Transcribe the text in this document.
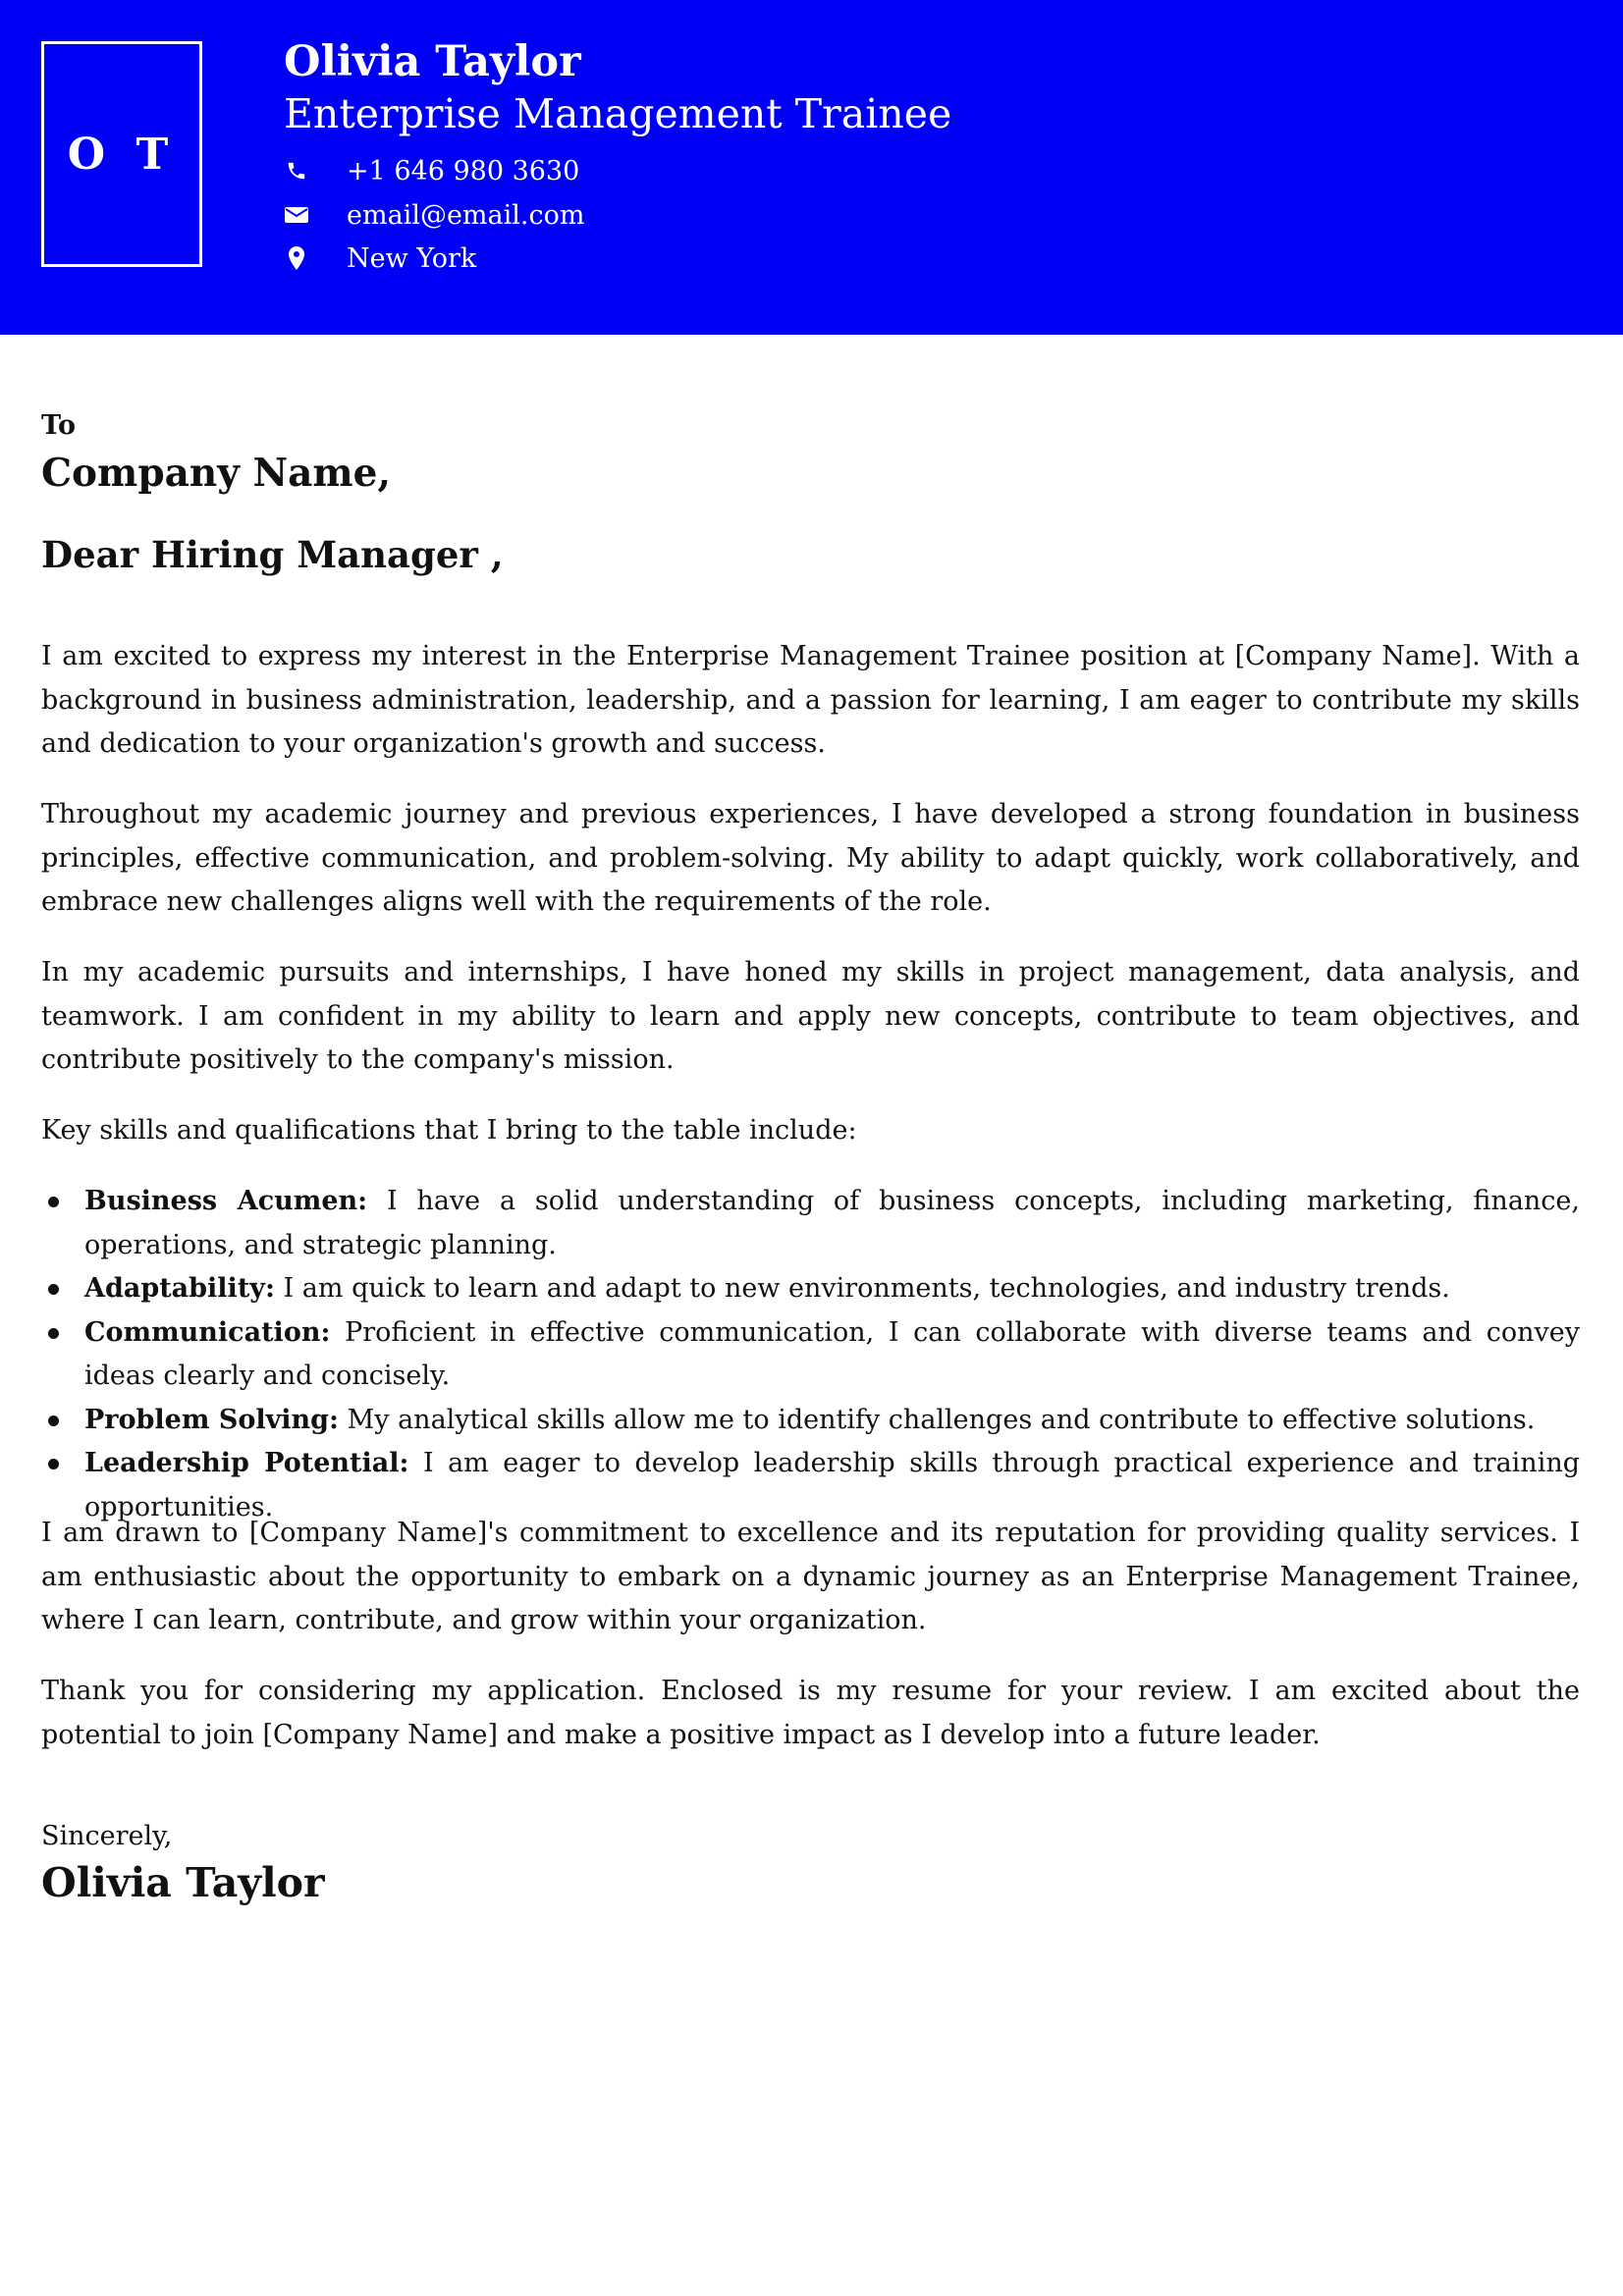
O T
Olivia Taylor
Enterprise Management Trainee
+1 646 980 3630
email@email.com
New York
To
Company Name,
Dear Hiring Manager ,

I am excited to express my interest in the Enterprise Management Trainee position at [Company Name]. With a background in business administration, leadership, and a passion for learning, I am eager to contribute my skills and dedication to your organization's growth and success.

Throughout my academic journey and previous experiences, I have developed a strong foundation in business principles, effective communication, and problem-solving. My ability to adapt quickly, work collaboratively, and embrace new challenges aligns well with the requirements of the role.

In my academic pursuits and internships, I have honed my skills in project management, data analysis, and teamwork. I am confident in my ability to learn and apply new concepts, contribute to team objectives, and contribute positively to the company's mission.

Key skills and qualifications that I bring to the table include:

Business Acumen: I have a solid understanding of business concepts, including marketing, finance, operations, and strategic planning.
Adaptability: I am quick to learn and adapt to new environments, technologies, and industry trends.
Communication: Proficient in effective communication, I can collaborate with diverse teams and convey ideas clearly and concisely.
Problem Solving: My analytical skills allow me to identify challenges and contribute to effective solutions.
Leadership Potential: I am eager to develop leadership skills through practical experience and training opportunities.

I am drawn to [Company Name]'s commitment to excellence and its reputation for providing quality services. I am enthusiastic about the opportunity to embark on a dynamic journey as an Enterprise Management Trainee, where I can learn, contribute, and grow within your organization.

Thank you for considering my application. Enclosed is my resume for your review. I am excited about the potential to join [Company Name] and make a positive impact as I develop into a future leader.

Sincerely,
Olivia Taylor
